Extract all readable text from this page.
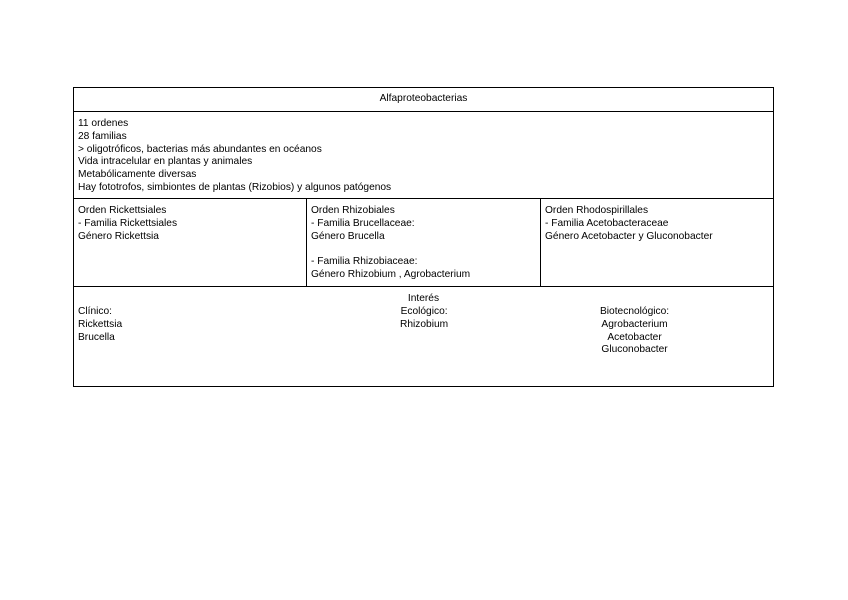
Alfaproteobacterias
11 ordenes
28 familias
> oligotróficos, bacterias más abundantes en océanos
Vida intracelular en plantas y animales
Metabólicamente diversas
Hay fototrofos, simbiontes de plantas (Rizobios) y algunos patógenos
Orden Rickettsiales
- Familia Rickettsiales
Género Rickettsia
Orden Rhizobiales
- Familia Brucellaceae:
Género Brucella
- Familia Rhizobiaceae:
Género Rhizobium , Agrobacterium
Orden Rhodospirillales
- Familia Acetobacteraceae
Género Acetobacter y Gluconobacter
Interés
Clínico:
Rickettsia
Brucella
Ecológico:
Rhizobium
Biotecnológico:
Agrobacterium
Acetobacter
Gluconobacter
